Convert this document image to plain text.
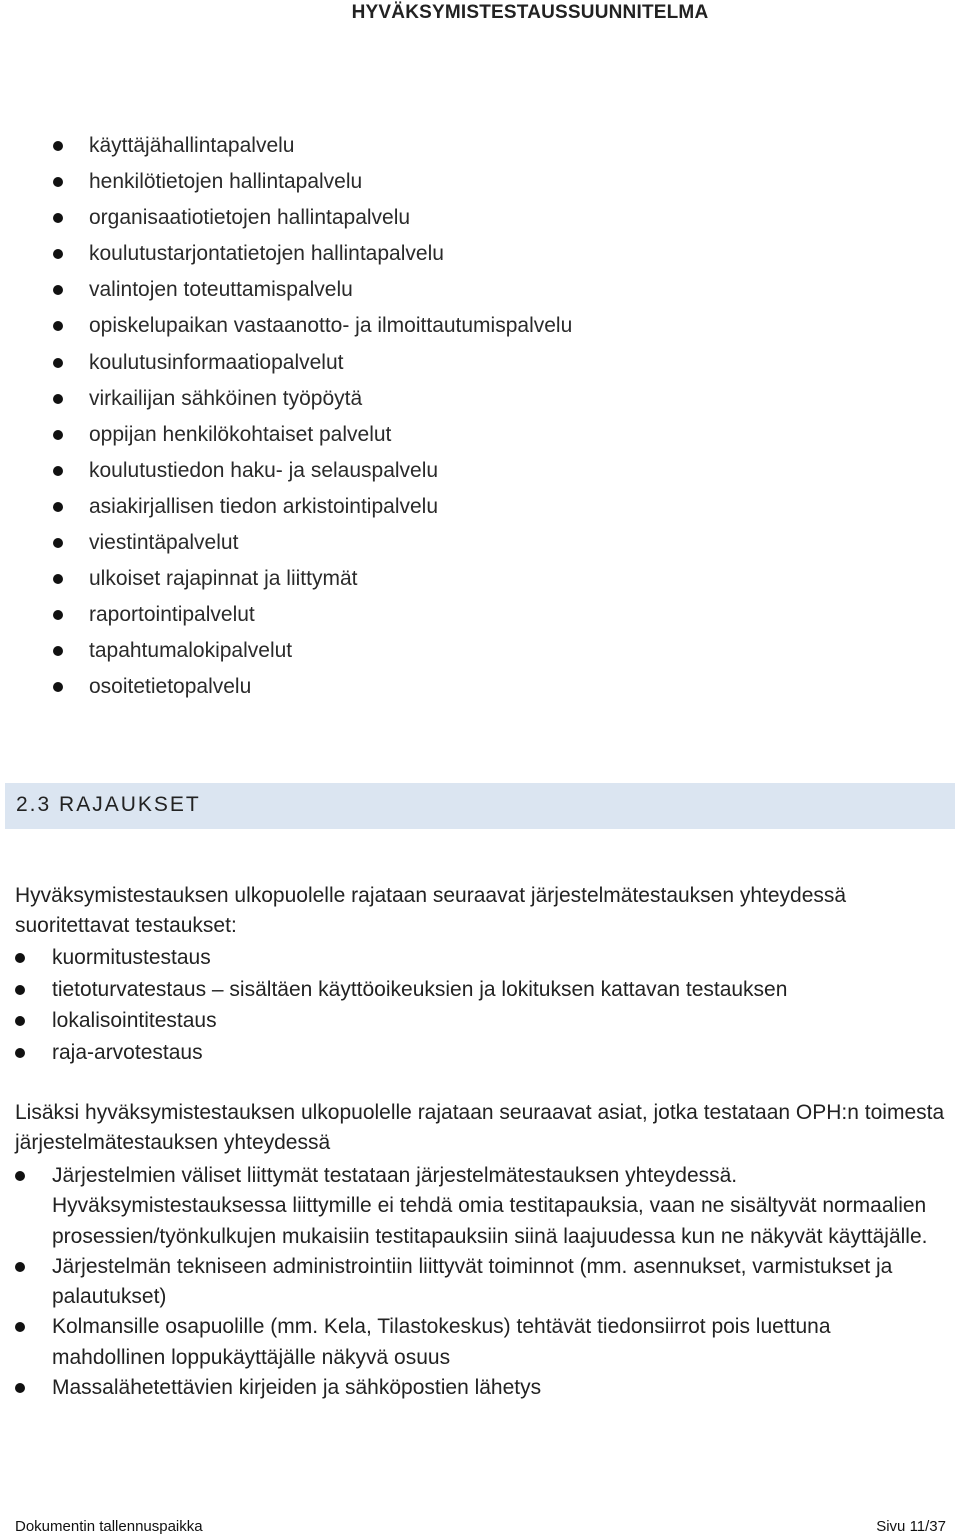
HYVÄKSYMISTESTAUSSUUNNITELMA
käyttäjähallintapalvelu
henkilötietojen hallintapalvelu
organisaatiotietojen hallintapalvelu
koulutustarjontatietojen hallintapalvelu
valintojen toteuttamispalvelu
opiskelupaikan vastaanotto- ja ilmoittautumispalvelu
koulutusinformaatiopalvelut
virkailijan sähköinen työpöytä
oppijan henkilökohtaiset palvelut
koulutustiedon haku- ja selauspalvelu
asiakirjallisen tiedon arkistointipalvelu
viestintäpalvelut
ulkoiset rajapinnat ja liittymät
raportointipalvelut
tapahtumalokipalvelut
osoitetietopalvelu
2.3 RAJAUKSET
Hyväksymistestauksen ulkopuolelle rajataan seuraavat järjestelmätestauksen yhteydessä suoritettavat testaukset:
kuormitustestaus
tietoturvatestaus – sisältäen käyttöoikeuksien ja lokituksen kattavan testauksen
lokalisointitestaus
raja-arvotestaus
Lisäksi hyväksymistestauksen ulkopuolelle rajataan seuraavat asiat, jotka testataan OPH:n toimesta järjestelmätestauksen yhteydessä
Järjestelmien väliset liittymät testataan järjestelmätestauksen yhteydessä.
Hyväksymistestauksessa liittymille ei tehdä omia testitapauksia, vaan ne sisältyvät normaalien prosessien/työnkulkujen mukaisiin testitapauksiin siinä laajuudessa kun ne näkyvät käyttäjälle.
Järjestelmän tekniseen administrointiin liittyvät toiminnot (mm. asennukset, varmistukset ja palautukset)
Kolmansille osapuolille (mm. Kela, Tilastokeskus) tehtävät tiedonsiirrot pois luettuna mahdollinen loppukäyttäjälle näkyvä osuus
Massalähetettävien kirjeiden ja sähköpostien lähetys
Dokumentin tallennuspaikka	Sivu 11/37
